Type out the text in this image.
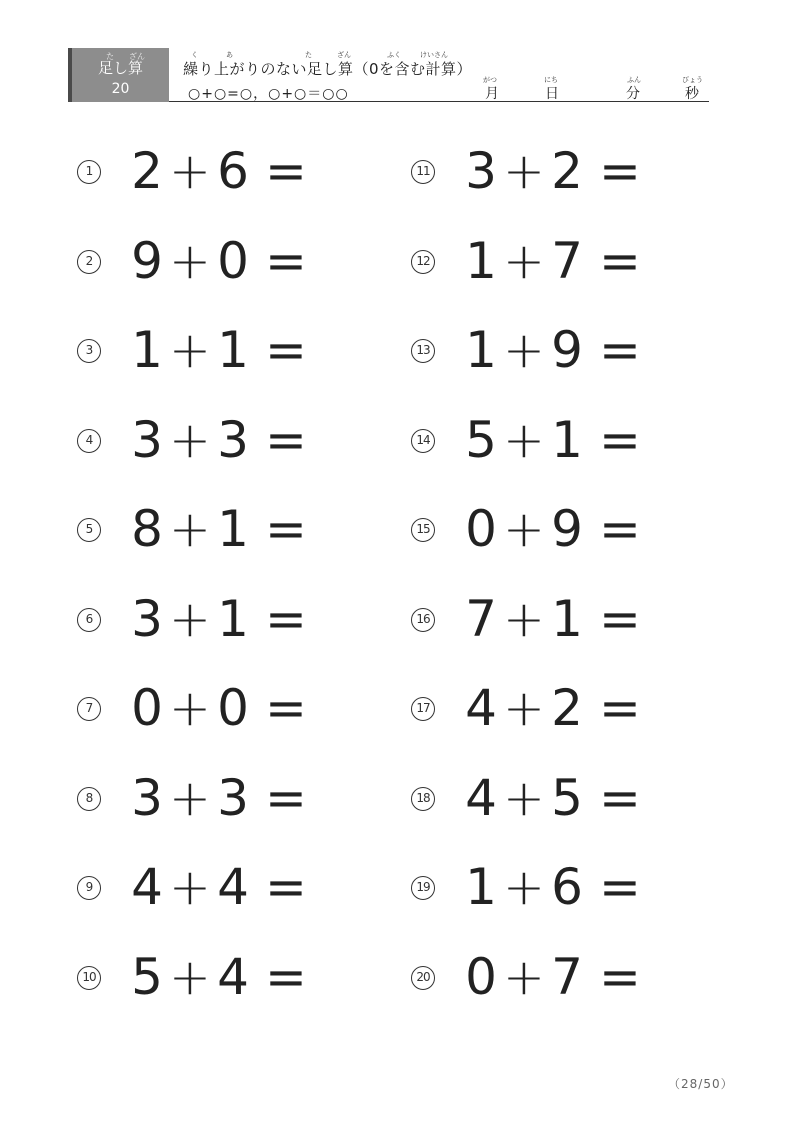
た ざん
足し算
20
く	あ	た	ざん	ふく	けいさん
繰り上がりのない足し算（0を含む計算）
○+○=○，○+○＝○○
がつ
月
にち
日
ふん
分
びょう
秒
1 2 + 6 =
2 9 + 0 =
3 1 + 1 =
4 3 + 3 =
5 8 + 1 =
6 3 + 1 =
7 0 + 0 =
8 3 + 3 =
9 4 + 4 =
10 5 + 4 =
11 3 + 2 =
12 1 + 7 =
13 1 + 9 =
14 5 + 1 =
15 0 + 9 =
16 7 + 1 =
17 4 + 2 =
18 4 + 5 =
19 1 + 6 =
20 0 + 7 =
（28/50）
